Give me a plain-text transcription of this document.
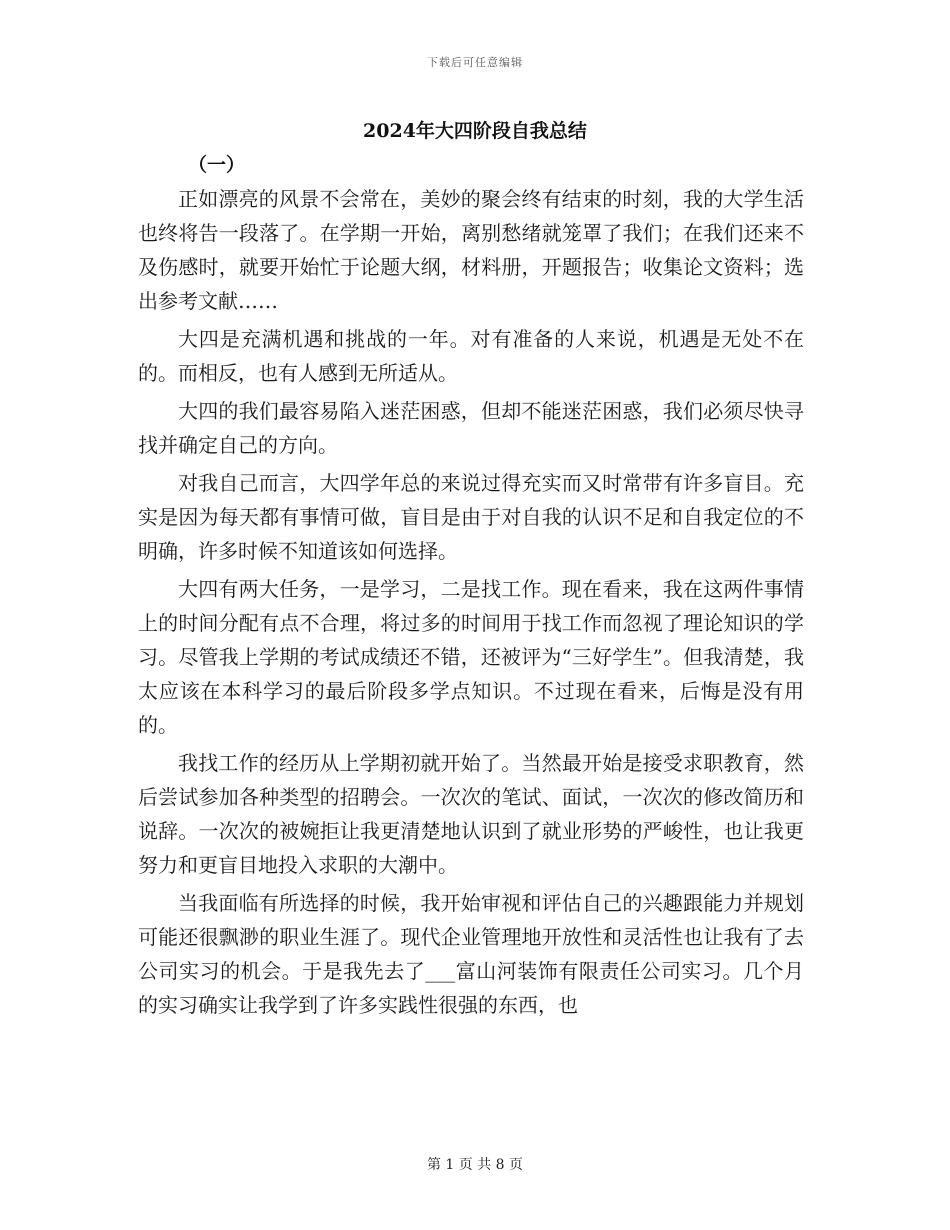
下载后可任意编辑
2024年大四阶段自我总结
（一）

正如漂亮的风景不会常在，美妙的聚会终有结束的时刻，我的大学生活也终将告一段落了。在学期一开始，离别愁绪就笼罩了我们；在我们还来不及伤感时，就要开始忙于论题大纲，材料册，开题报告；收集论文资料；选出参考文献……

大四是充满机遇和挑战的一年。对有准备的人来说，机遇是无处不在的。而相反，也有人感到无所适从。

大四的我们最容易陷入迷茫困惑，但却不能迷茫困惑，我们必须尽快寻找并确定自己的方向。

对我自己而言，大四学年总的来说过得充实而又时常带有许多盲目。充实是因为每天都有事情可做，盲目是由于对自我的认识不足和自我定位的不明确，许多时候不知道该如何选择。

大四有两大任务，一是学习，二是找工作。现在看来，我在这两件事情上的时间分配有点不合理，将过多的时间用于找工作而忽视了理论知识的学习。尽管我上学期的考试成绩还不错，还被评为“三好学生”。但我清楚，我太应该在本科学习的最后阶段多学点知识。不过现在看来，后悔是没有用的。

我找工作的经历从上学期初就开始了。当然最开始是接受求职教育，然后尝试参加各种类型的招聘会。一次次的笔试、面试，一次次的修改简历和说辞。一次次的被婉拒让我更清楚地认识到了就业形势的严峻性，也让我更努力和更盲目地投入求职的大潮中。

当我面临有所选择的时候，我开始审视和评估自己的兴趣跟能力并规划可能还很飘渺的职业生涯了。现代企业管理地开放性和灵活性也让我有了去公司实习的机会。于是我先去了___富山河装饰有限责任公司实习。几个月的实习确实让我学到了许多实践性很强的东西，也

第 1 页 共 8 页
